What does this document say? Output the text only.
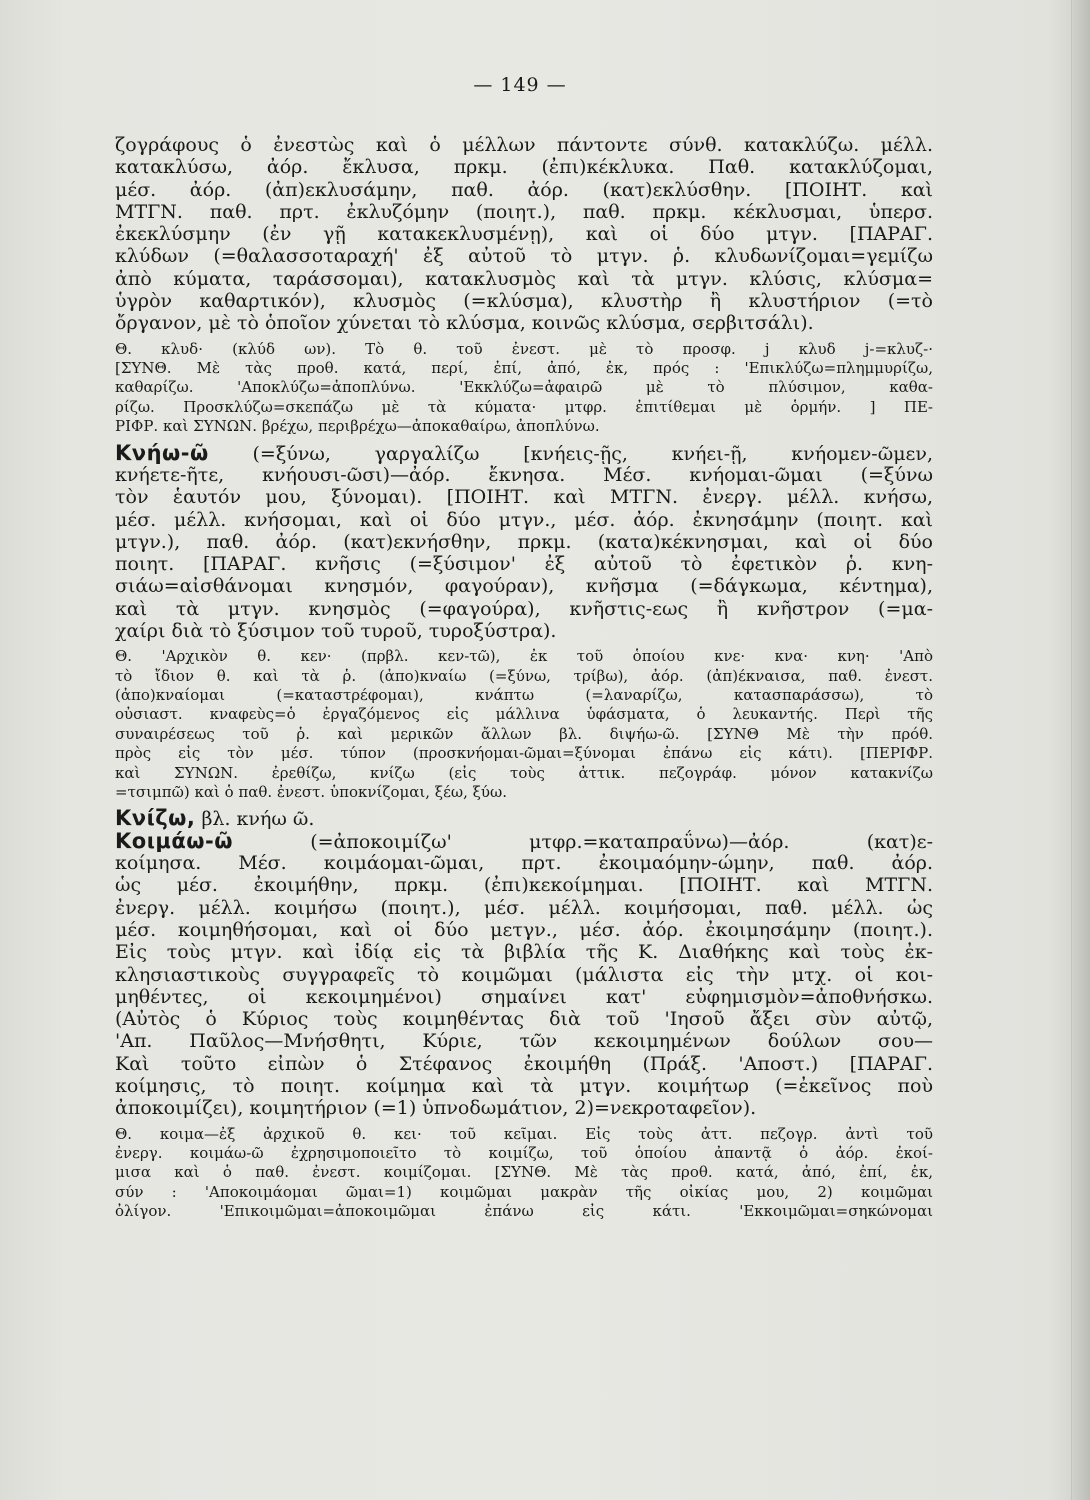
— 149 —
ζογράφους ὁ ἐνεστὼς καὶ ὁ μέλλων πάντοντε σύνθ. κατακλύζω. μέλλ.
κατακλύσω, ἀόρ. ἔκλυσα, πρκμ. (ἐπι)κέκλυκα. Παθ. κατακλύζομαι,
μέσ. ἀόρ. (ἀπ)εκλυσάμην, παθ. ἀόρ. (κατ)εκλύσθην. [ΠΟΙΗΤ. καὶ
ΜΤΓΝ. παθ. πρτ. ἐκλυζόμην (ποιητ.), παθ. πρκμ. κέκλυσμαι, ὑπερσ.
ἐκεκλύσμην (ἐν γῇ κατακεκλυσμένῃ), καὶ οἱ δύο μτγν. [ΠΑΡΑΓ.
κλύδων (=θαλασσοταραχή' ἐξ αὐτοῦ τὸ μτγν. ῥ. κλυδωνίζομαι=γεμίζω
ἀπὸ κύματα, ταράσσομαι), κατακλυσμὸς καὶ τὰ μτγν. κλύσις, κλύσμα=
ὑγρὸν καθαρτικόν), κλυσμὸς (=κλύσμα), κλυστὴρ ἢ κλυστήριον (=τὸ
ὄργανον, μὲ τὸ ὁποῖον χύνεται τὸ κλύσμα, κοινῶς κλύσμα, σερβιτσάλι).
Θ. κλυδ· (κλύδ ων). Τὸ θ. τοῦ ἐνεστ. μὲ τὸ προσφ. j κλυδ j-=κλυζ-·
[ΣΥΝΘ. Μὲ τὰς προθ. κατά, περί, ἐπί, ἀπό, ἐκ, πρός : 'Επικλύζω=πλημμυρίζω,
καθαρίζω. 'Αποκλύζω=ἀποπλύνω. 'Εκκλύζω=ἀφαιρῶ μὲ τὸ πλύσιμον, καθα-
ρίζω. Προσκλύζω=σκεπάζω μὲ τὰ κύματα· μτφρ. ἐπιτίθεμαι μὲ ὁρμήν. ] ΠΕ-
ΡΙΦΡ. καὶ ΣΥΝΩΝ. βρέχω, περιβρέχω—ἀποκαθαίρω, ἀποπλύνω.
Κνήω-ῶ (=ξύνω, γαργαλίζω [κνήεις-ῇς, κνήει-ῇ, κνήομεν-ῶμεν,
κνήετε-ῆτε, κνήουσι-ῶσι)—ἀόρ. ἔκνησα. Μέσ. κνήομαι-ῶμαι (=ξύνω
τὸν ἑαυτόν μου, ξύνομαι). [ΠΟΙΗΤ. καὶ ΜΤΓΝ. ἐνεργ. μέλλ. κνήσω,
μέσ. μέλλ. κνήσομαι, καὶ οἱ δύο μτγν., μέσ. ἀόρ. ἐκνησάμην (ποιητ. καὶ
μτγν.), παθ. ἀόρ. (κατ)εκνήσθην, πρκμ. (κατα)κέκνησμαι, καὶ οἱ δύο
ποιητ. [ΠΑΡΑΓ. κνῆσις (=ξύσιμον' ἐξ αὐτοῦ τὸ ἐφετικὸν ῥ. κνη-
σιάω=αἰσθάνομαι κνησμόν, φαγούραν), κνῆσμα (=δάγκωμα, κέντημα),
καὶ τὰ μτγν. κνησμὸς (=φαγούρα), κνῆστις-εως ἢ κνῆστρον (=μα-
χαίρι διὰ τὸ ξύσιμον τοῦ τυροῦ, τυροξύστρα).
Θ. 'Αρχικὸν θ. κεν· (πρβλ. κεν-τῶ), ἐκ τοῦ ὁποίου κνε· κνα· κνη· 'Απὸ
τὸ ἴδιον θ. καὶ τὰ ῥ. (ἀπο)κναίω (=ξύνω, τρίβω), ἀόρ. (ἀπ)έκναισα, παθ. ἐνεστ.
(ἀπο)κναίομαι (=καταστρέφομαι), κνάπτω (=λαναρίζω, κατασπαράσσω), τὸ
οὐσιαστ. κναφεὺς=ὁ ἐργαζόμενος εἰς μάλλινα ὑφάσματα, ὁ λευκαντής. Περὶ τῆς
συναιρέσεως τοῦ ῥ. καὶ μερικῶν ἄλλων βλ. διψήω-ῶ. [ΣΥΝΘ Μὲ τὴν πρόθ.
πρὸς εἰς τὸν μέσ. τύπον (προσκνήομαι-ῶμαι=ξύνομαι ἐπάνω εἰς κάτι). [ΠΕΡΙΦΡ.
καὶ ΣΥΝΩΝ. ἐρεθίζω, κνίζω (εἰς τοὺς ἀττικ. πεζογράφ. μόνον κατακνίζω
=τσιμπῶ) καὶ ὁ παθ. ἐνεστ. ὑποκνίζομαι, ξέω, ξύω.
Κνίζω, βλ. κνήω ῶ.
Κοιμάω-ῶ (=ἀποκοιμίζω' μτφρ.=καταπραΰνω)—ἀόρ. (κατ)ε-
κοίμησα. Μέσ. κοιμάομαι-ῶμαι, πρτ. ἐκοιμαόμην-ώμην, παθ. ἀόρ.
ὡς μέσ. ἐκοιμήθην, πρκμ. (ἐπι)κεκοίμημαι. [ΠΟΙΗΤ. καὶ ΜΤΓΝ.
ἐνεργ. μέλλ. κοιμήσω (ποιητ.), μέσ. μέλλ. κοιμήσομαι, παθ. μέλλ. ὡς
μέσ. κοιμηθήσομαι, καὶ οἱ δύο μετγν., μέσ. ἀόρ. ἐκοιμησάμην (ποιητ.).
Εἰς τοὺς μτγν. καὶ ἰδίᾳ εἰς τὰ βιβλία τῆς Κ. Διαθήκης καὶ τοὺς ἐκ-
κλησιαστικοὺς συγγραφεῖς τὸ κοιμῶμαι (μάλιστα εἰς τὴν μτχ. οἱ κοι-
μηθέντες, οἱ κεκοιμημένοι) σημαίνει κατ' εὐφημισμὸν=ἀποθνήσκω.
(Αὐτὸς ὁ Κύριος τοὺς κοιμηθέντας διὰ τοῦ 'Ιησοῦ ἄξει σὺν αὐτῷ,
'Απ. Παῦλος—Μνήσθητι, Κύριε, τῶν κεκοιμημένων δούλων σου—
Καὶ τοῦτο εἰπὼν ὁ Στέφανος ἐκοιμήθη (Πράξ. 'Αποστ.) [ΠΑΡΑΓ.
κοίμησις, τὸ ποιητ. κοίμημα καὶ τὰ μτγν. κοιμήτωρ (=ἐκεῖνος ποὺ
ἀποκοιμίζει), κοιμητήριον (=1) ὑπνοδωμάτιον, 2)=νεκροταφεῖον).
Θ. κοιμα—ἐξ ἀρχικοῦ θ. κει· τοῦ κεῖμαι. Εἰς τοὺς ἀττ. πεζογρ. ἀντὶ τοῦ
ἐνεργ. κοιμάω-ῶ ἐχρησιμοποιεῖτο τὸ κοιμίζω, τοῦ ὁποίου ἀπαντᾷ ὁ ἀόρ. ἐκοί-
μισα καὶ ὁ παθ. ἐνεστ. κοιμίζομαι. [ΣΥΝΘ. Μὲ τὰς προθ. κατά, ἀπό, ἐπί, ἐκ,
σύν : 'Αποκοιμάομαι ῶμαι=1) κοιμῶμαι μακρὰν τῆς οἰκίας μου, 2) κοιμῶμαι
ὀλίγον. 'Επικοιμῶμαι=ἀποκοιμῶμαι ἐπάνω εἰς κάτι. 'Εκκοιμῶμαι=σηκώνομαι
